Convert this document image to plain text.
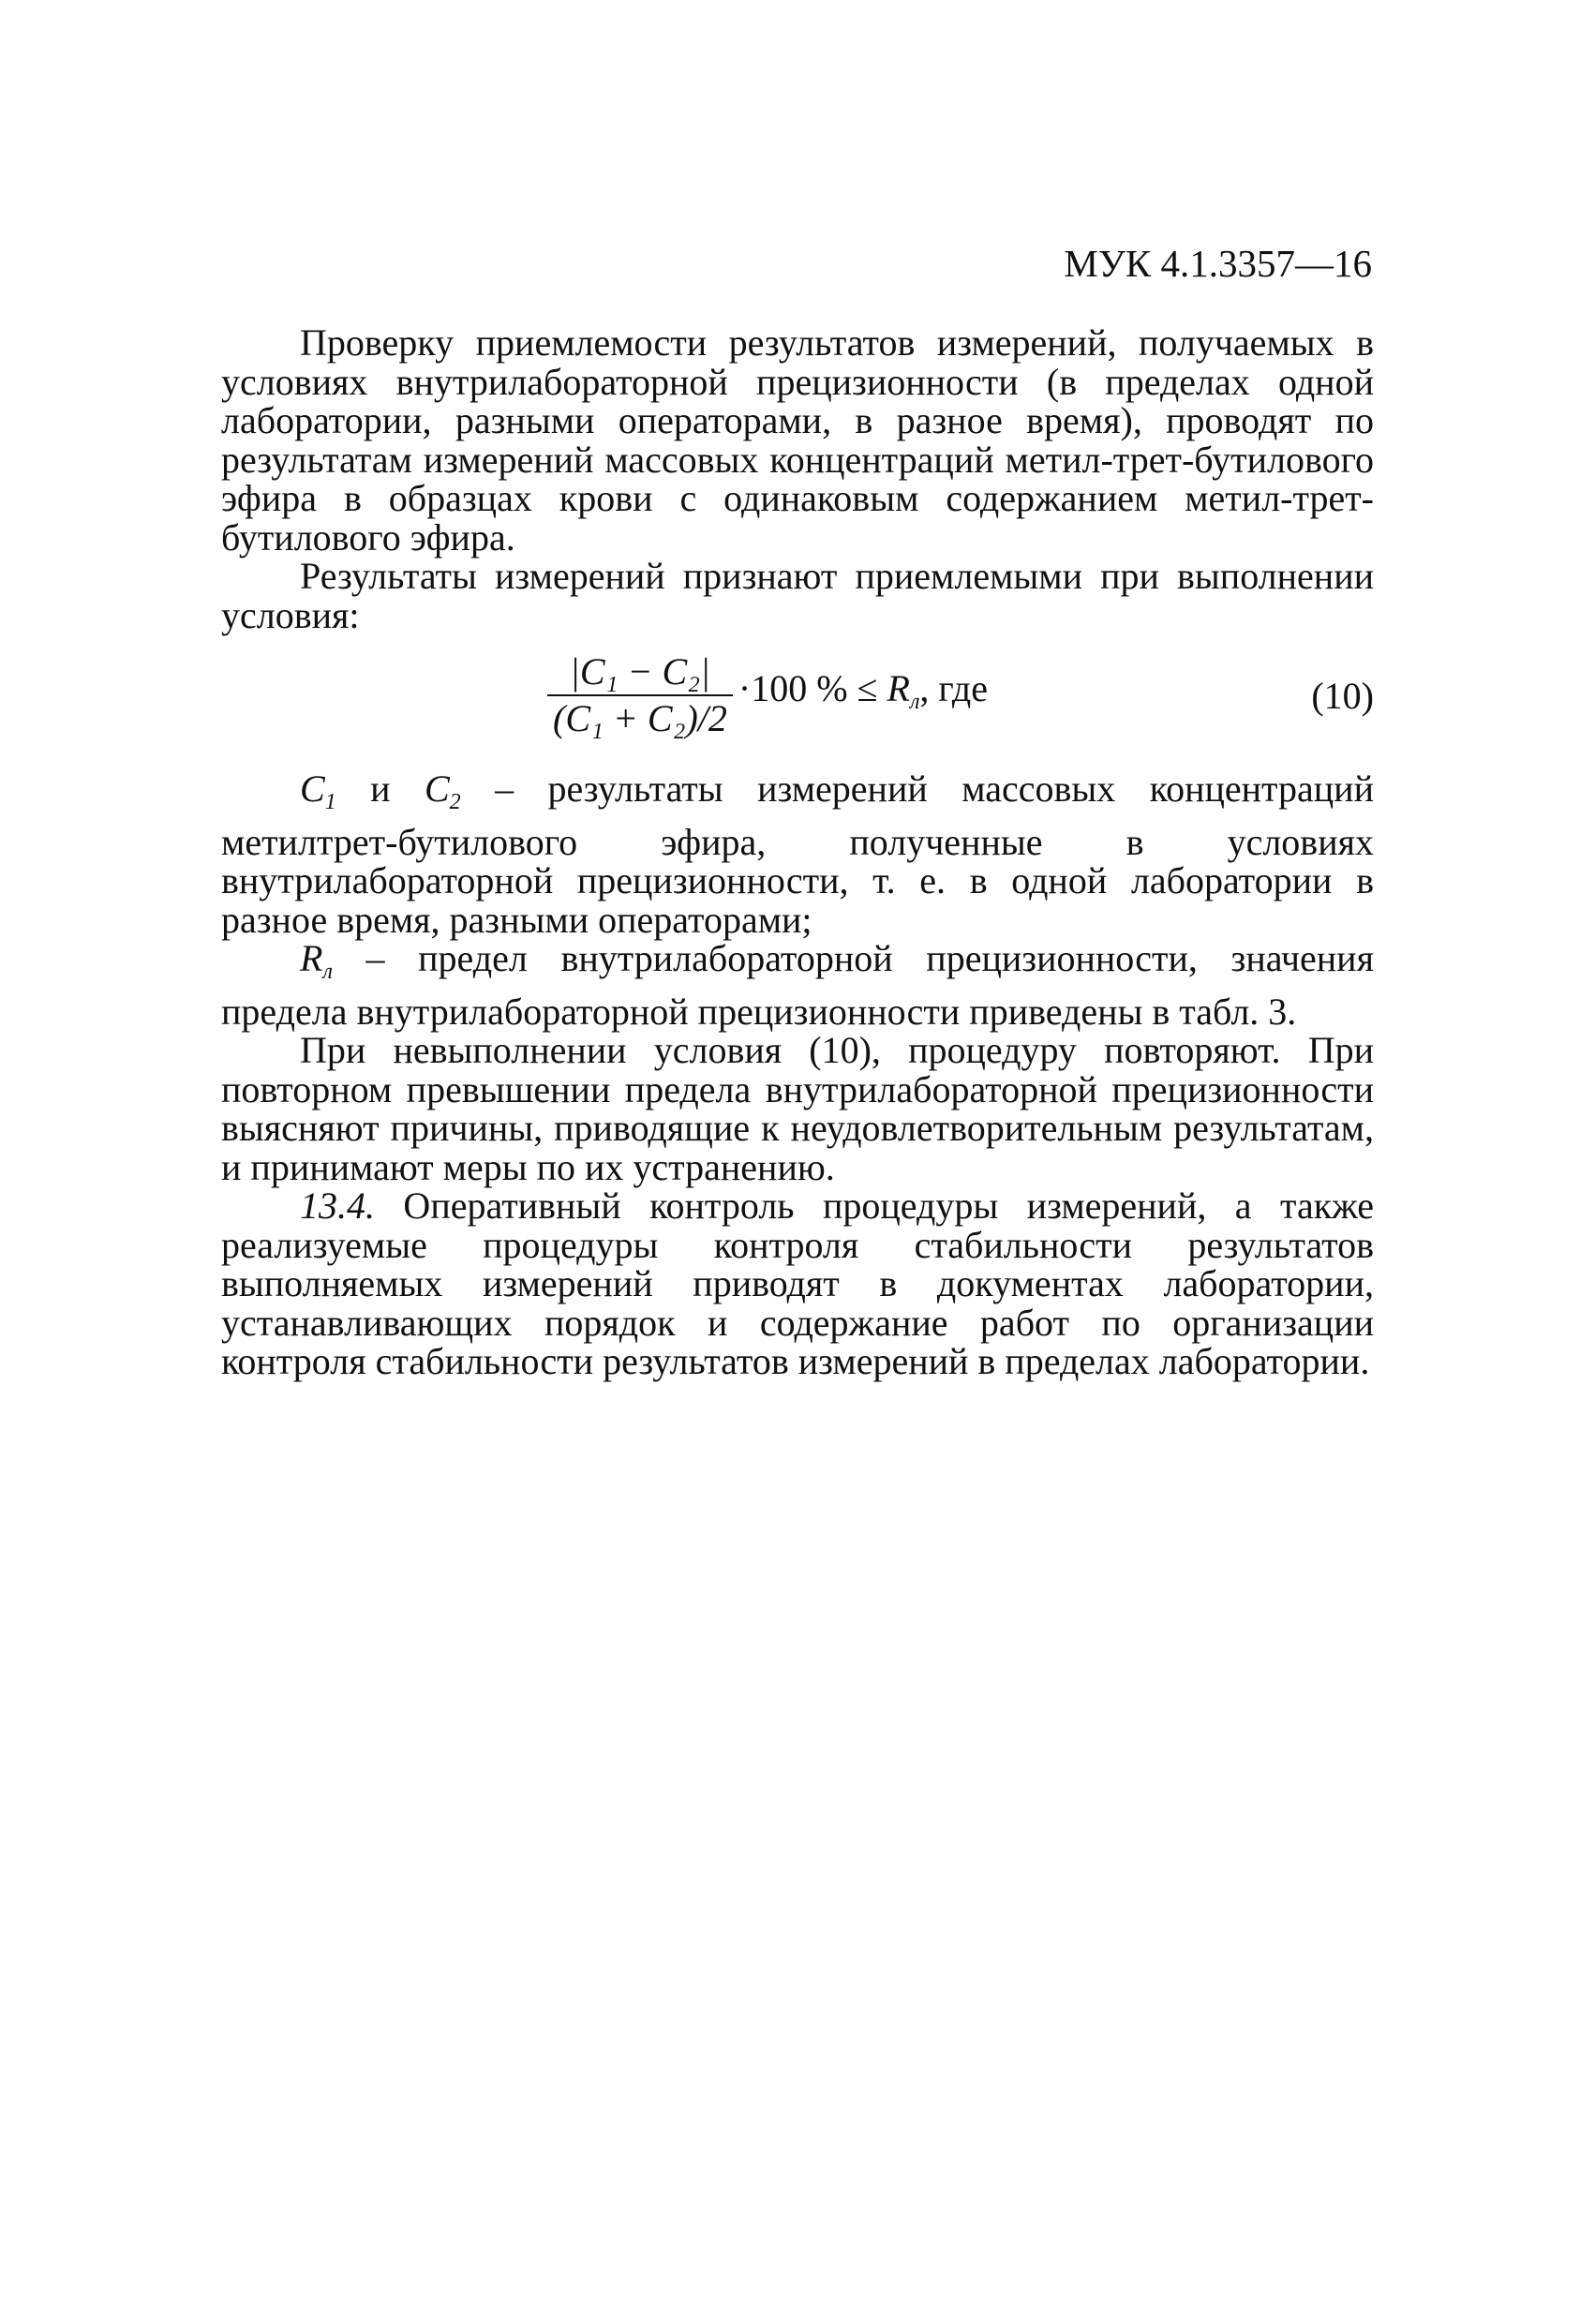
МУК 4.1.3357—16

Проверку приемлемости результатов измерений, получаемых в условиях внутрилабораторной прецизионности (в пределах одной лаборатории, разными операторами, в разное время), проводят по результатам измерений массовых концентраций метил-трет-бутилового эфира в образцах крови с одинаковым содержанием метил-трет-бутилового эфира.

Результаты измерений признают приемлемыми при выполнении условия:

$\frac{\text{|C₁ − C₂|}}{\text{(C₁ + C₂)/2}} \cdot 100$ % ≤ $R_л$, где	(10)

$C_1$ и $C_2$ – результаты измерений массовых концентраций метилтрет-бутилового эфира, полученные в условиях внутрилабораторной прецизионности, т. е. в одной лаборатории в разное время, разными операторами;

$R_л$ – предел внутрилабораторной прецизионности, значения предела внутрилабораторной прецизионности приведены в табл. 3.

При невыполнении условия (10), процедуру повторяют. При повторном превышении предела внутрилабораторной прецизионности выясняют причины, приводящие к неудовлетворительным результатам, и принимают меры по их устранению.

13.4. Оперативный контроль процедуры измерений, а также реализуемые процедуры контроля стабильности результатов выполняемых измерений приводят в документах лаборатории, устанавливающих порядок и содержание работ по организации контроля стабильности результатов измерений в пределах лаборатории.
